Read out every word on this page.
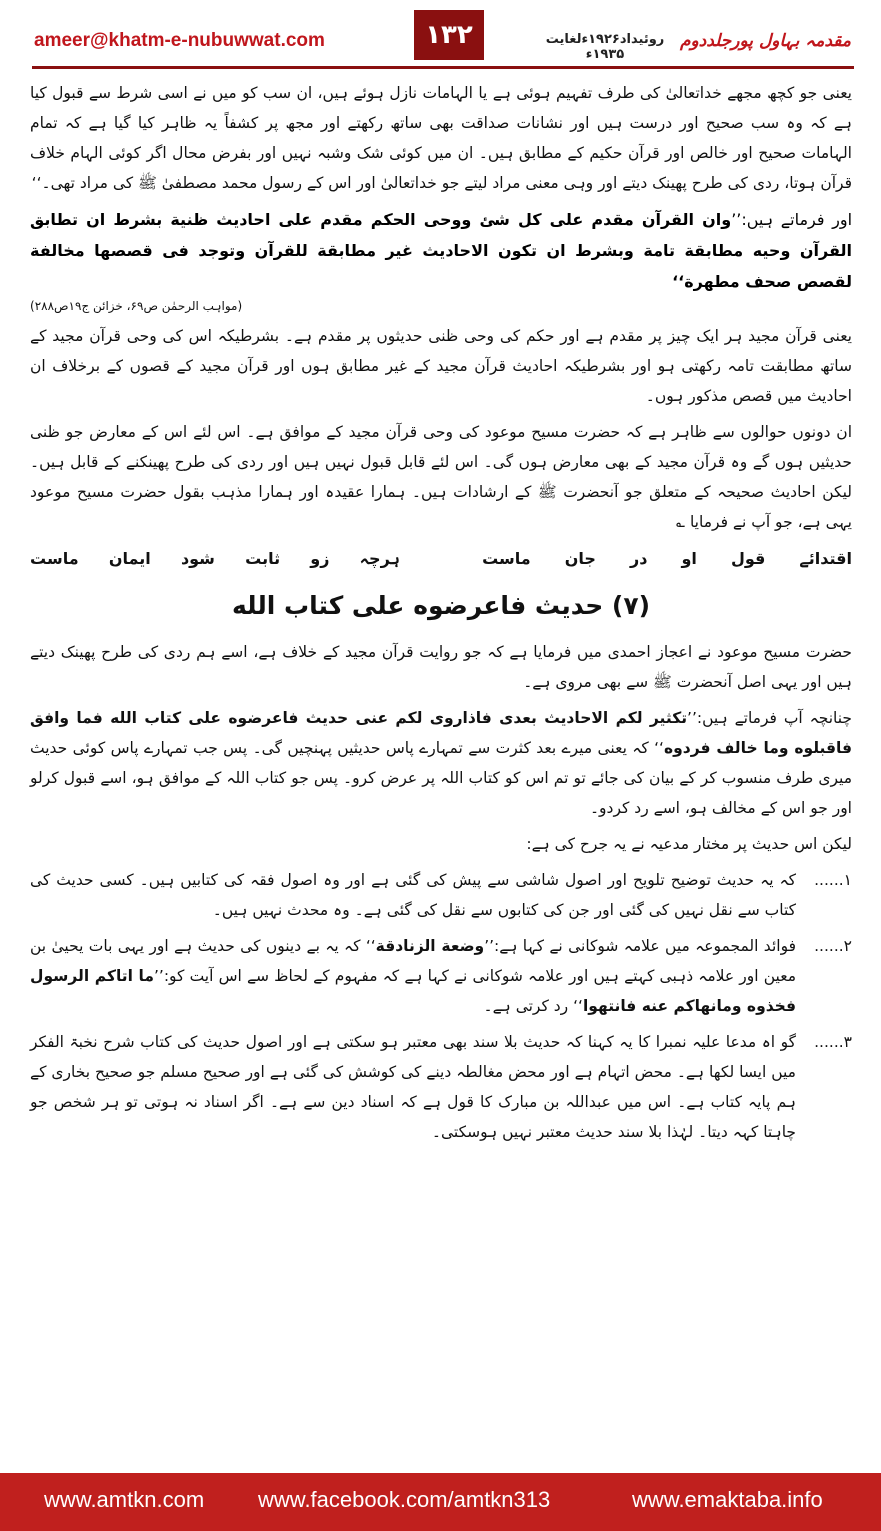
ameer@khatm-e-nubuwwat.com	۱۳۲	روئیداد۱۹۲۶ءلغایت ۱۹۳۵ء
مقدمہ بہاول پورجلددوم

یعنی جو کچھ مجھے خداتعالیٰ کی طرف تفہیم ہوئی ہے یا الہامات نازل ہوئے ہیں، ان سب کو میں نے اسی شرط سے قبول کیا ہے کہ وہ سب صحیح اور درست ہیں اور نشانات صداقت بھی ساتھ رکھتے اور مجھ پر کشفاً یہ ظاہر کیا گیا ہے کہ تمام الہامات صحیح اور خالص اور قرآن حکیم کے مطابق ہیں۔ ان میں کوئی شک وشبہ نہیں اور بفرض محال اگر کوئی الہام خلاف قرآن ہوتا، ردی کی طرح پھینک دیتے اور وہی معنی مراد لیتے جو خداتعالیٰ اور اس کے رسول محمد مصطفیٰ ﷺ کی مراد تھی۔‘‘

اور فرماتے ہیں:’’وان القرآن مقدم علی کل شئ ووحی الحکم مقدم علی احادیث ظنیة بشرط ان تطابق القرآن وحیه مطابقة تامة وبشرط ان تکون الاحادیث غیر مطابقة للقرآن وتوجد فی قصصها مخالفة لقصص صحف مطهرة‘‘

(مواہب الرحمٰن ص۶۹، خزائن ج۱۹ص۲۸۸)

یعنی قرآن مجید ہر ایک چیز پر مقدم ہے اور حکم کی وحی ظنی حدیثوں پر مقدم ہے۔ بشرطیکہ اس کی وحی قرآن مجید کے ساتھ مطابقت تامہ رکھتی ہو اور بشرطیکہ احادیث قرآن مجید کے غیر مطابق ہوں اور قرآن مجید کے قصوں کے برخلاف ان احادیث میں قصص مذکور ہوں۔

ان دونوں حوالوں سے ظاہر ہے کہ حضرت مسیح موعود کی وحی قرآن مجید کے موافق ہے۔ اس لئے اس کے معارض جو ظنی حدیثیں ہوں گے وہ قرآن مجید کے بھی معارض ہوں گی۔ اس لئے قابل قبول نہیں ہیں اور ردی کی طرح پھینکنے کے قابل ہیں۔ لیکن احادیث صحیحہ کے متعلق جو آنحضرت ﷺ کے ارشادات ہیں۔ ہمارا عقیدہ اور ہمارا مذہب بقول حضرت مسیح موعود یہی ہے، جو آپ نے فرمایا ؎

اقتدائے
قول
او
در
جان
ماست
ہرچہ
زو
ثابت
شود
ایمان
ماست
(۷) حدیث فاعرضوه علی کتاب الله

حضرت مسیح موعود نے اعجاز احمدی میں فرمایا ہے کہ جو روایت قرآن مجید کے خلاف ہے، اسے ہم ردی کی طرح پھینک دیتے ہیں اور یہی اصل آنحضرت ﷺ سے بھی مروی ہے۔

چنانچہ آپ فرماتے ہیں:’’تکثیر لکم الاحادیث بعدی فاذاروی لکم عنی حدیث فاعرضوه علی کتاب الله فما وافق فاقبلوه وما خالف فردوه‘‘ کہ یعنی میرے بعد کثرت سے تمہارے پاس حدیثیں پہنچیں گی۔ پس جب تمہارے پاس کوئی حدیث میری طرف منسوب کر کے بیان کی جائے تو تم اس کو کتاب اللہ پر عرض کرو۔ پس جو کتاب اللہ کے موافق ہو، اسے قبول کرلو اور جو اس کے مخالف ہو، اسے رد کردو۔

لیکن اس حدیث پر مختار مدعیہ نے یہ جرح کی ہے:

۱......
کہ یہ حدیث توضیح تلویح اور اصول شاشی سے پیش کی گئی ہے اور وہ اصول فقہ کی کتابیں ہیں۔ کسی حدیث کی کتاب سے نقل نہیں کی گئی اور جن کی کتابوں سے نقل کی گئی ہے۔ وہ محدث نہیں ہیں۔
۲......
فوائد المجموعہ میں علامہ شوکانی نے کہا ہے:’’وضعة الزنادقة‘‘ کہ یہ بے دینوں کی حدیث ہے اور یہی بات یحییٰ بن معین اور علامہ ذہبی کہتے ہیں اور علامہ شوکانی نے کہا ہے کہ مفہوم کے لحاظ سے اس آیت کو:’’ما اتاکم الرسول فخذوه ومانهاکم عنه فانتهوا‘‘ رد کرتی ہے۔
۳......
گو اہ مدعا علیہ نمبرا کا یہ کہنا کہ حدیث بلا سند بھی معتبر ہو سکتی ہے اور اصول حدیث کی کتاب شرح نخبۃ الفکر میں ایسا لکھا ہے۔ محض اتہام ہے اور محض مغالطہ دینے کی کوشش کی گئی ہے اور صحیح مسلم جو صحیح بخاری کے ہم پایہ کتاب ہے۔ اس میں عبداللہ بن مبارک کا قول ہے کہ اسناد دین سے ہے۔ اگر اسناد نہ ہوتی تو ہر شخص جو چاہتا کہہ دیتا۔ لہٰذا بلا سند حدیث معتبر نہیں ہوسکتی۔
www.amtkn.com www.facebook.com/amtkn313	www.emaktaba.info
